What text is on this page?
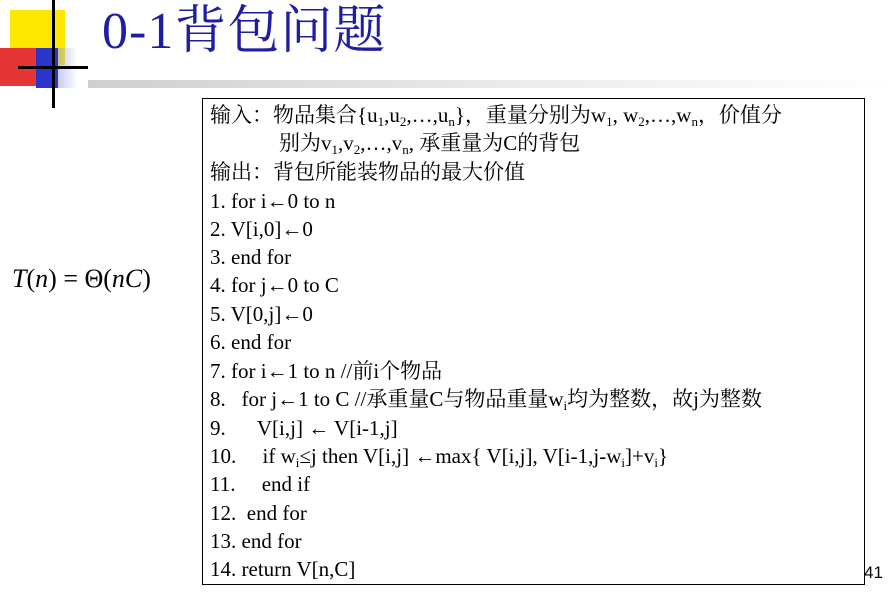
0-1背包问题
T(n) = Θ(nC)
输入：物品集合$\{u_1,u_2,\dots,u_n\}$，重量分别为$w_1$, $w_2,\dots,w_n$，价值分
别为$v_1,v_2,\dots,v_n$, 承重量为C的背包
输出：背包所能装物品的最大价值
1. for i←0 to n
2. V[i,0]←0
3. end for
4. for j←0 to C
5. V[0,j]←0
6. end for
7. for i←1 to n //前i个物品
8.   for j←1 to C //承重量C与物品重量$w_i$均为整数，故j为整数
9.      V[i,j] ← V[i-1,j]
10.     if $w_i\le j$ then V[i,j] ←max{ V[i,j], $V[i-1,j-w_i]+v_i$}
11.     end if
12.  end for
13. end for
14. return V[n,C]	41
